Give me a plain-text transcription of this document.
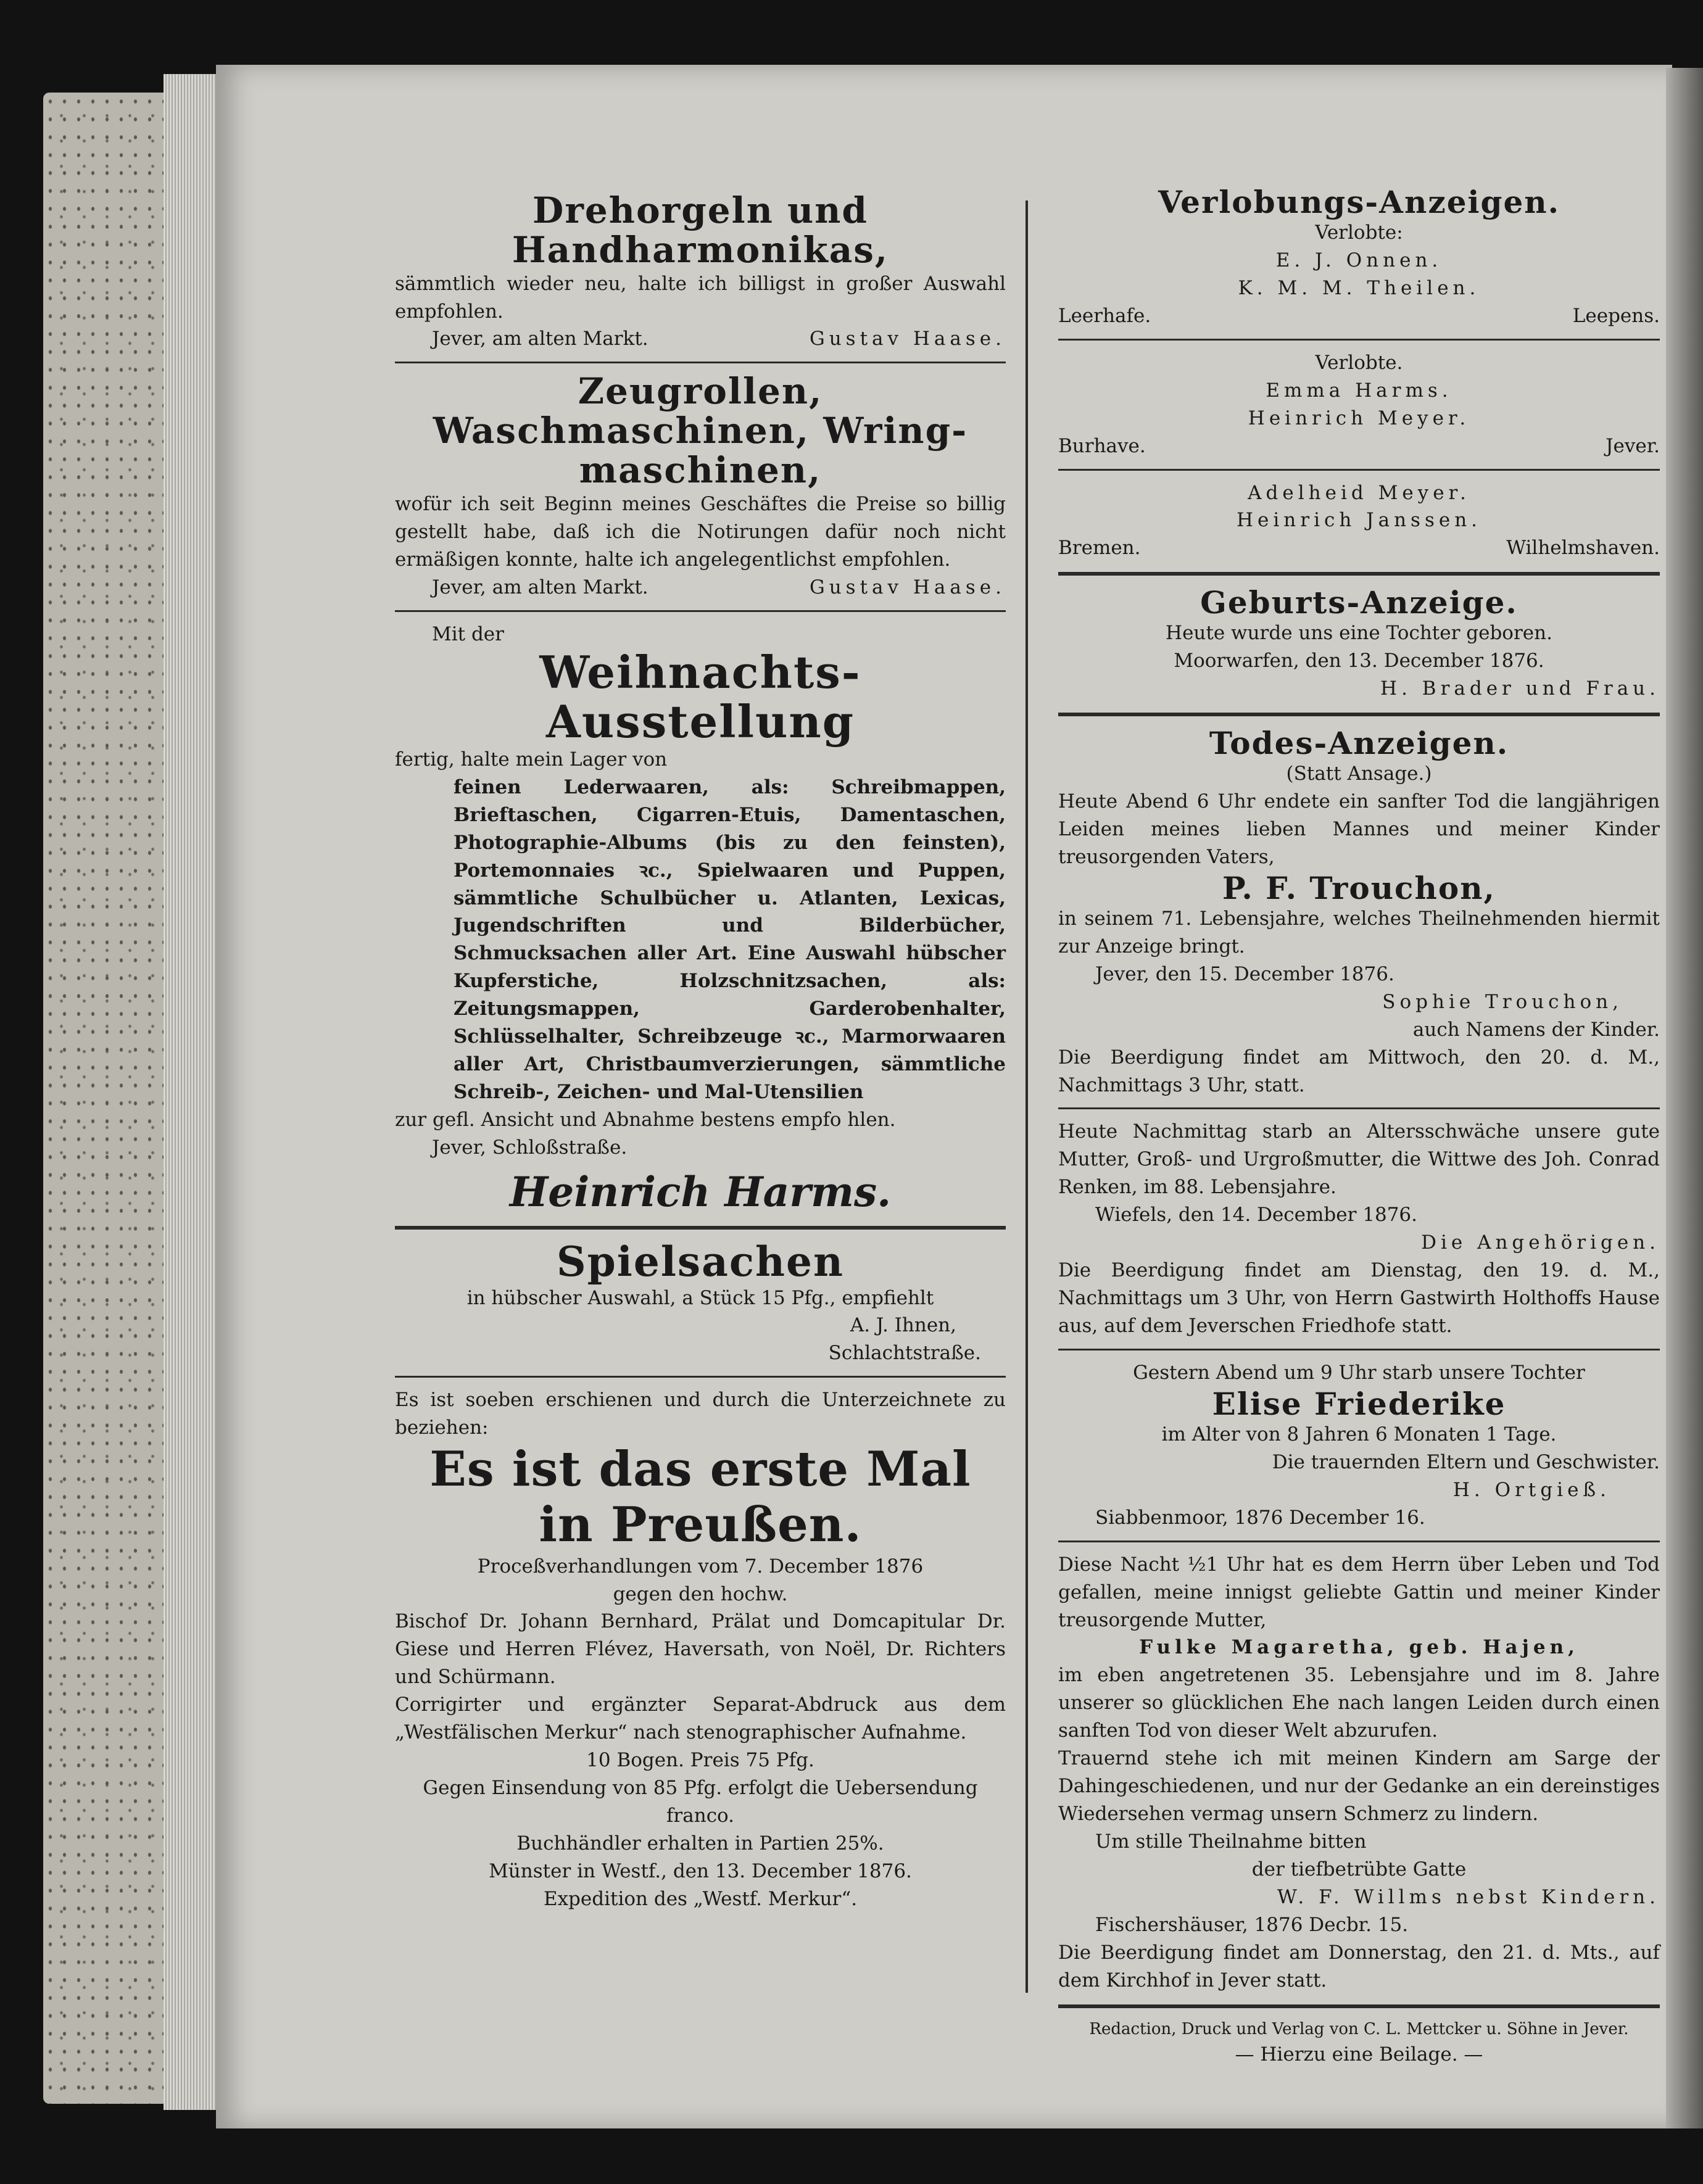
Drehorgeln und Handharmonikas,

sämmtlich wieder neu, halte ich billigst in großer Auswahl empfohlen.

Jever, am alten Markt.	Gustav Haase.

Zeugrollen, Waschmaschinen, Wring-maschinen,

wofür ich seit Beginn meines Geschäftes die Preise so billig gestellt habe, daß ich die Notirungen dafür noch nicht ermäßigen konnte, halte ich angelegentlichst empfohlen.

Jever, am alten Markt.	Gustav Haase.

Mit der

Weihnachts-Ausstellung

fertig, halte mein Lager von

feinen Lederwaaren, als: Schreibmappen, Brieftaschen, Cigarren-Etuis, Damentaschen, Photographie-Albums (bis zu den feinsten), Portemonnaies ꝛc., Spielwaaren und Puppen, sämmtliche Schulbücher u. Atlanten, Lexicas, Jugendschriften und Bilderbücher, Schmucksachen aller Art. Eine Auswahl hübscher Kupferstiche, Holzschnitzsachen, als: Zeitungsmappen, Garderobenhalter, Schlüsselhalter, Schreibzeuge ꝛc., Marmorwaaren aller Art, Christbaumverzierungen, sämmtliche Schreib-, Zeichen- und Mal-Utensilien

zur gefl. Ansicht und Abnahme bestens empfo hlen.

Jever, Schloßstraße.

Heinrich Harms.

Spielsachen

in hübscher Auswahl, a Stück 15 Pfg., empfiehlt

A. J. Ihnen,

Schlachtstraße.

Es ist soeben erschienen und durch die Unterzeichnete zu beziehen:

Es ist das erste Mal

in Preußen.

Proceßverhandlungen vom 7. December 1876

gegen den hochw.

Bischof Dr. Johann Bernhard, Prälat und Domcapitular Dr. Giese und Herren Flévez, Haversath, von Noël, Dr. Richters und Schürmann.

Corrigirter und ergänzter Separat-Abdruck aus dem „Westfälischen Merkur“ nach stenographischer Aufnahme.

10 Bogen. Preis 75 Pfg.

Gegen Einsendung von 85 Pfg. erfolgt die Uebersendung franco.

Buchhändler erhalten in Partien 25%.

Münster in Westf., den 13. December 1876.

Expedition des „Westf. Merkur“.

Verlobungs-Anzeigen.

Verlobte:

E. J. Onnen.

K. M. M. Theilen.

Leerhafe.	Leepens.

Verlobte.

Emma Harms.

Heinrich Meyer.

Burhave.	Jever.

Adelheid Meyer.

Heinrich Janssen.

Bremen.	Wilhelmshaven.

Geburts-Anzeige.

Heute wurde uns eine Tochter geboren.

Moorwarfen, den 13. December 1876.

H. Brader und Frau.

Todes-Anzeigen.

(Statt Ansage.)

Heute Abend 6 Uhr endete ein sanfter Tod die langjährigen Leiden meines lieben Mannes und meiner Kinder treusorgenden Vaters,

P. F. Trouchon,

in seinem 71. Lebensjahre, welches Theilnehmenden hiermit zur Anzeige bringt.

Jever, den 15. December 1876.

Sophie Trouchon,

auch Namens der Kinder.

Die Beerdigung findet am Mittwoch, den 20. d. M., Nachmittags 3 Uhr, statt.

Heute Nachmittag starb an Altersschwäche unsere gute Mutter, Groß- und Urgroßmutter, die Wittwe des Joh. Conrad Renken, im 88. Lebensjahre.

Wiefels, den 14. December 1876.

Die Angehörigen.

Die Beerdigung findet am Dienstag, den 19. d. M., Nachmittags um 3 Uhr, von Herrn Gastwirth Holthoffs Hause aus, auf dem Jeverschen Friedhofe statt.

Gestern Abend um 9 Uhr starb unsere Tochter

Elise Friederike

im Alter von 8 Jahren 6 Monaten 1 Tage.

Die trauernden Eltern und Geschwister.

H. Ortgieß.

Siabbenmoor, 1876 December 16.

Diese Nacht ½1 Uhr hat es dem Herrn über Leben und Tod gefallen, meine innigst geliebte Gattin und meiner Kinder treusorgende Mutter,

Fulke Magaretha, geb. Hajen,

im eben angetretenen 35. Lebensjahre und im 8. Jahre unserer so glücklichen Ehe nach langen Leiden durch einen sanften Tod von dieser Welt abzurufen.

Trauernd stehe ich mit meinen Kindern am Sarge der Dahingeschiedenen, und nur der Gedanke an ein dereinstiges Wiedersehen vermag unsern Schmerz zu lindern.

Um stille Theilnahme bitten

der tiefbetrübte Gatte

W. F. Willms nebst Kindern.

Fischershäuser, 1876 Decbr. 15.

Die Beerdigung findet am Donnerstag, den 21. d. Mts., auf dem Kirchhof in Jever statt.

Redaction, Druck und Verlag von C. L. Mettcker u. Söhne in Jever.

— Hierzu eine Beilage. —
